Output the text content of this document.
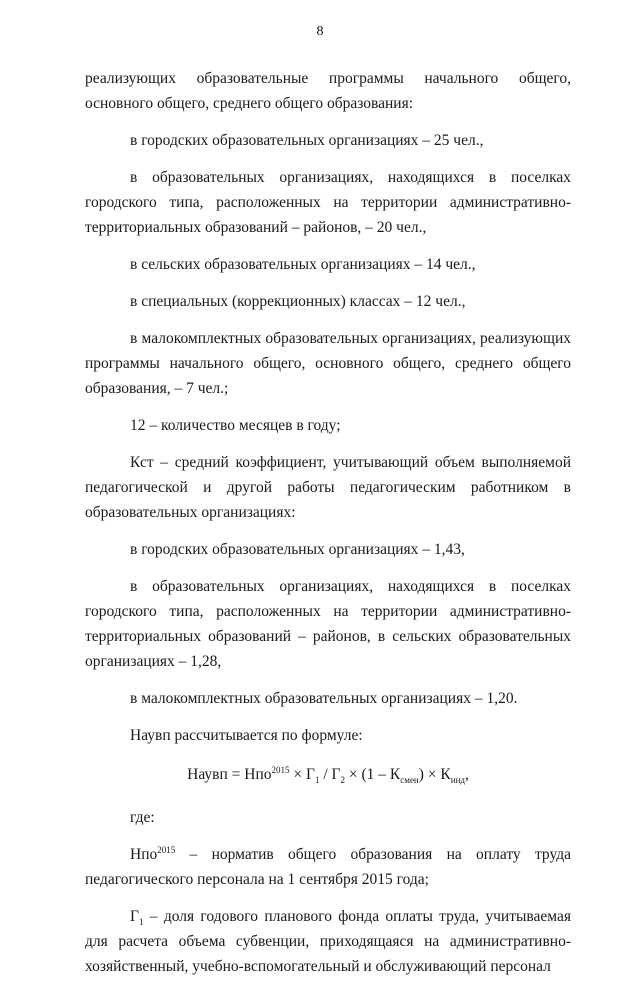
8

реализующих образовательные программы начального общего, основного общего, среднего общего образования:

в городских образовательных организациях – 25 чел.,

в образовательных организациях, находящихся в поселках городского типа, расположенных на территории административно-территориальных образований – районов, – 20 чел.,

в сельских образовательных организациях – 14 чел.,

в специальных (коррекционных) классах – 12 чел.,

в малокомплектных образовательных организациях, реализующих программы начального общего, основного общего, среднего общего образования, – 7 чел.;

12 – количество месяцев в году;

Кст – средний коэффициент, учитывающий объем выполняемой педагогической и другой работы педагогическим работником в образовательных организациях:

в городских образовательных организациях – 1,43,

в образовательных организациях, находящихся в поселках городского типа, расположенных на территории административно-территориальных образований – районов, в сельских образовательных организациях – 1,28,

в малокомплектных образовательных организациях – 1,20.

Наувп рассчитывается по формуле:

Наувп = $Нпо^{2015} \times Г_1 / Г_2 \times (1 - К_{смен}) \times К_{инд}$,

где:

Нпо$^{2015}$ – норматив общего образования на оплату труда педагогического персонала на 1 сентября 2015 года;

$Г_1$ – доля годового планового фонда оплаты труда, учитываемая для расчета объема субвенции, приходящаяся на административно-хозяйственный, учебно-вспомогательный и обслуживающий персонал
